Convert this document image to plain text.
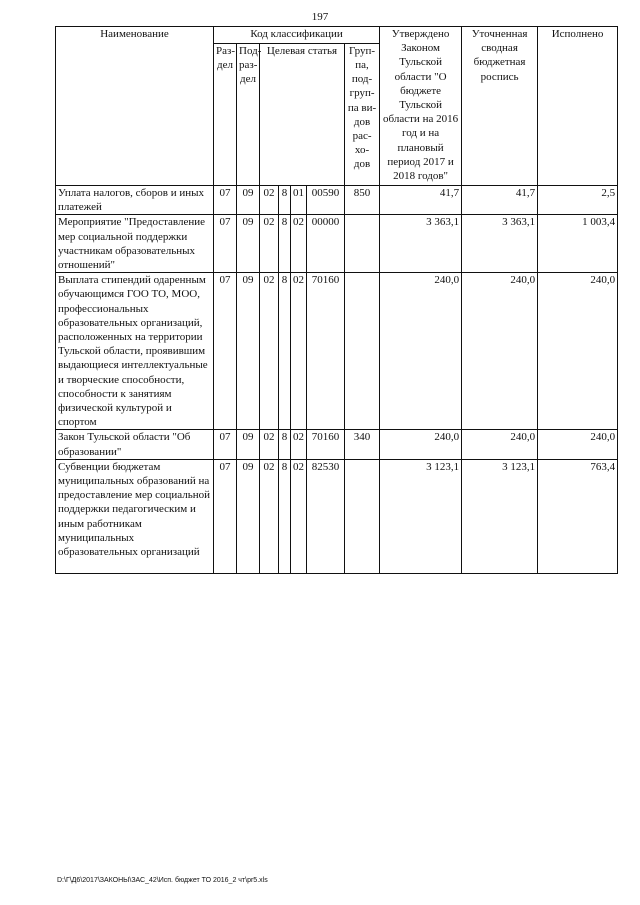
197
Наименование	Код классификации							Утверждено Законом Тульской области "О бюджете Тульской области на 2016 год и на плановый период 2017 и 2018 годов"	Уточненная сводная бюджетная роспись	Исполнено
	Раз-дел	Под-раз-дел	Целевая статья				Груп-па, под-груп-па ви-дов рас-хо-дов			
Уплата налогов, сборов и иных платежей	07	09	02	8	01	00590	850	41,7	41,7	2,5
Мероприятие "Предоставление мер социальной поддержки участникам образовательных отношений"	07	09	02	8	02	00000		3 363,1	3 363,1	1 003,4
Выплата стипендий одаренным обучающимся ГОО ТО, МОО, профессиональных образовательных организаций, расположенных на территории Тульской области, проявившим выдающиеся интеллектуальные и творческие способности, способности к занятиям физической культурой и спортом	07	09	02	8	02	70160		240,0	240,0	240,0
Закон Тульской области "Об образовании"	07	09	02	8	02	70160	340	240,0	240,0	240,0
Субвенции бюджетам муниципальных образований на предоставление мер социальной поддержки педагогическим и иным работникам муниципальных образовательных организаций	07	09	02	8	02	82530		3 123,1	3 123,1	763,4
D:\Г\Д6\2017\ЗАКОНЫ\ЗАС_42\Исп. бюджет ТО 2016_2 чт\pr5.xls
